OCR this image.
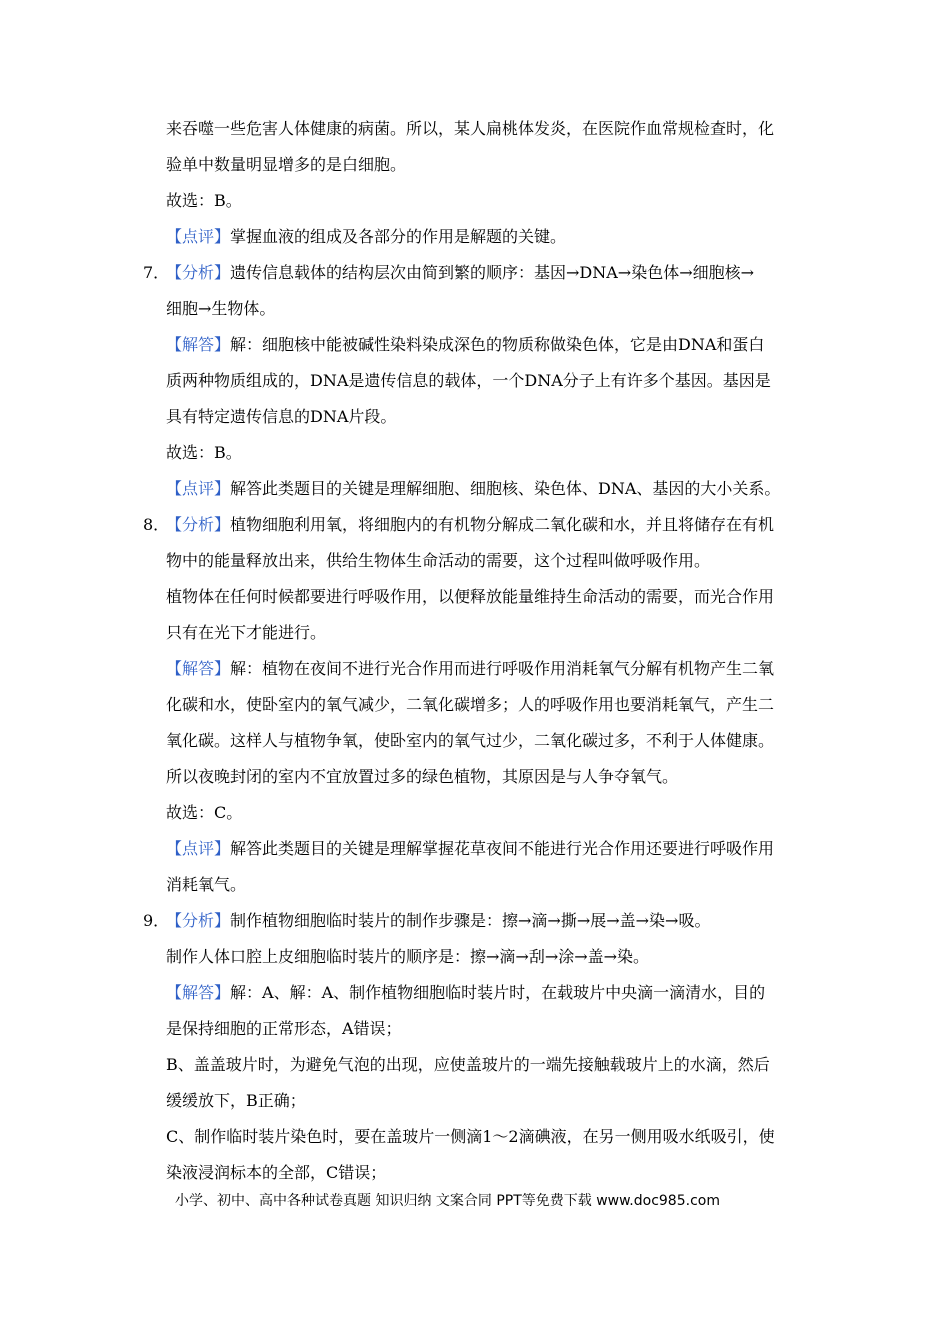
来吞噬一些危害人体健康的病菌。所以，某人扁桃体发炎，在医院作血常规检查时，化
验单中数量明显增多的是白细胞。
故选：B。
【点评】掌握血液的组成及各部分的作用是解题的关键。
7．
【分析】遗传信息载体的结构层次由简到繁的顺序：基因→DNA→染色体→细胞核→
细胞→生物体。
【解答】解：细胞核中能被碱性染料染成深色的物质称做染色体，它是由DNA和蛋白
质两种物质组成的，DNA是遗传信息的载体，一个DNA分子上有许多个基因。基因是
具有特定遗传信息的DNA片段。
故选：B。
【点评】解答此类题目的关键是理解细胞、细胞核、染色体、DNA、基因的大小关系。
8．
【分析】植物细胞利用氧，将细胞内的有机物分解成二氧化碳和水，并且将储存在有机
物中的能量释放出来，供给生物体生命活动的需要，这个过程叫做呼吸作用。
植物体在任何时候都要进行呼吸作用，以便释放能量维持生命活动的需要，而光合作用
只有在光下才能进行。
【解答】解：植物在夜间不进行光合作用而进行呼吸作用消耗氧气分解有机物产生二氧
化碳和水，使卧室内的氧气减少，二氧化碳增多；人的呼吸作用也要消耗氧气，产生二
氧化碳。这样人与植物争氧，使卧室内的氧气过少，二氧化碳过多，不利于人体健康。
所以夜晚封闭的室内不宜放置过多的绿色植物，其原因是与人争夺氧气。
故选：C。
【点评】解答此类题目的关键是理解掌握花草夜间不能进行光合作用还要进行呼吸作用
消耗氧气。
9．
【分析】制作植物细胞临时装片的制作步骤是：擦→滴→撕→展→盖→染→吸。
制作人体口腔上皮细胞临时装片的顺序是：擦→滴→刮→涂→盖→染。
【解答】解：A、解：A、制作植物细胞临时装片时，在载玻片中央滴一滴清水，目的
是保持细胞的正常形态，A错误；
B、盖盖玻片时，为避免气泡的出现，应使盖玻片的一端先接触载玻片上的水滴，然后
缓缓放下，B正确；
C、制作临时装片染色时，要在盖玻片一侧滴1～2滴碘液，在另一侧用吸水纸吸引，使
染液浸润标本的全部，C错误；
小学、初中、高中各种试卷真题 知识归纳 文案合同 PPT等免费下载 www.doc985.com
